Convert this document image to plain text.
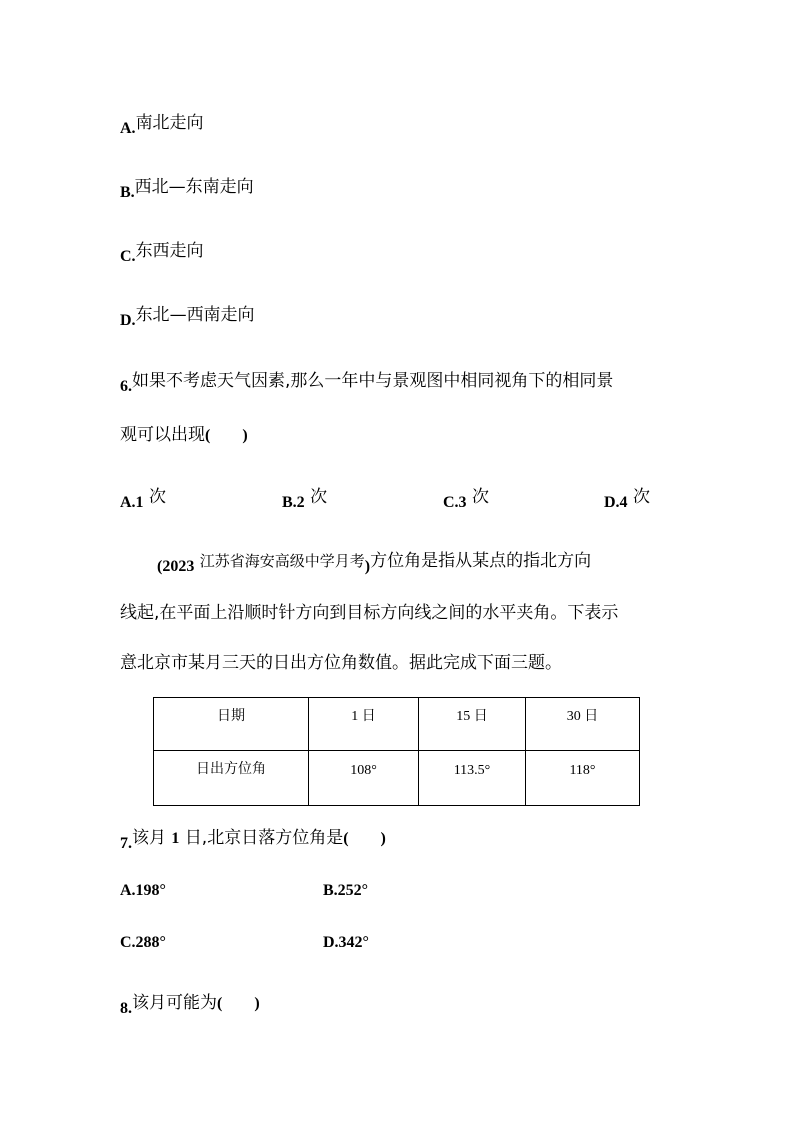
A.南北走向
B.西北—东南走向
C.东西走向
D.东北—西南走向
6.如果不考虑天气因素,那么一年中与景观图中相同视角下的相同景
观可以出现(　　)
A.1 次	B.2 次	C.3 次	D.4 次
(2023 江苏省海安高级中学月考)方位角是指从某点的指北方向
线起,在平面上沿顺时针方向到目标方向线之间的水平夹角。下表示
意北京市某月三天的日出方位角数值。据此完成下面三题。
日期	1 日	15 日	30 日
日出方位角	108°	113.5°	118°
7.该月 1 日,北京日落方位角是(　　)
A.198°	B.252°
C.288°	D.342°
8.该月可能为(　　)
